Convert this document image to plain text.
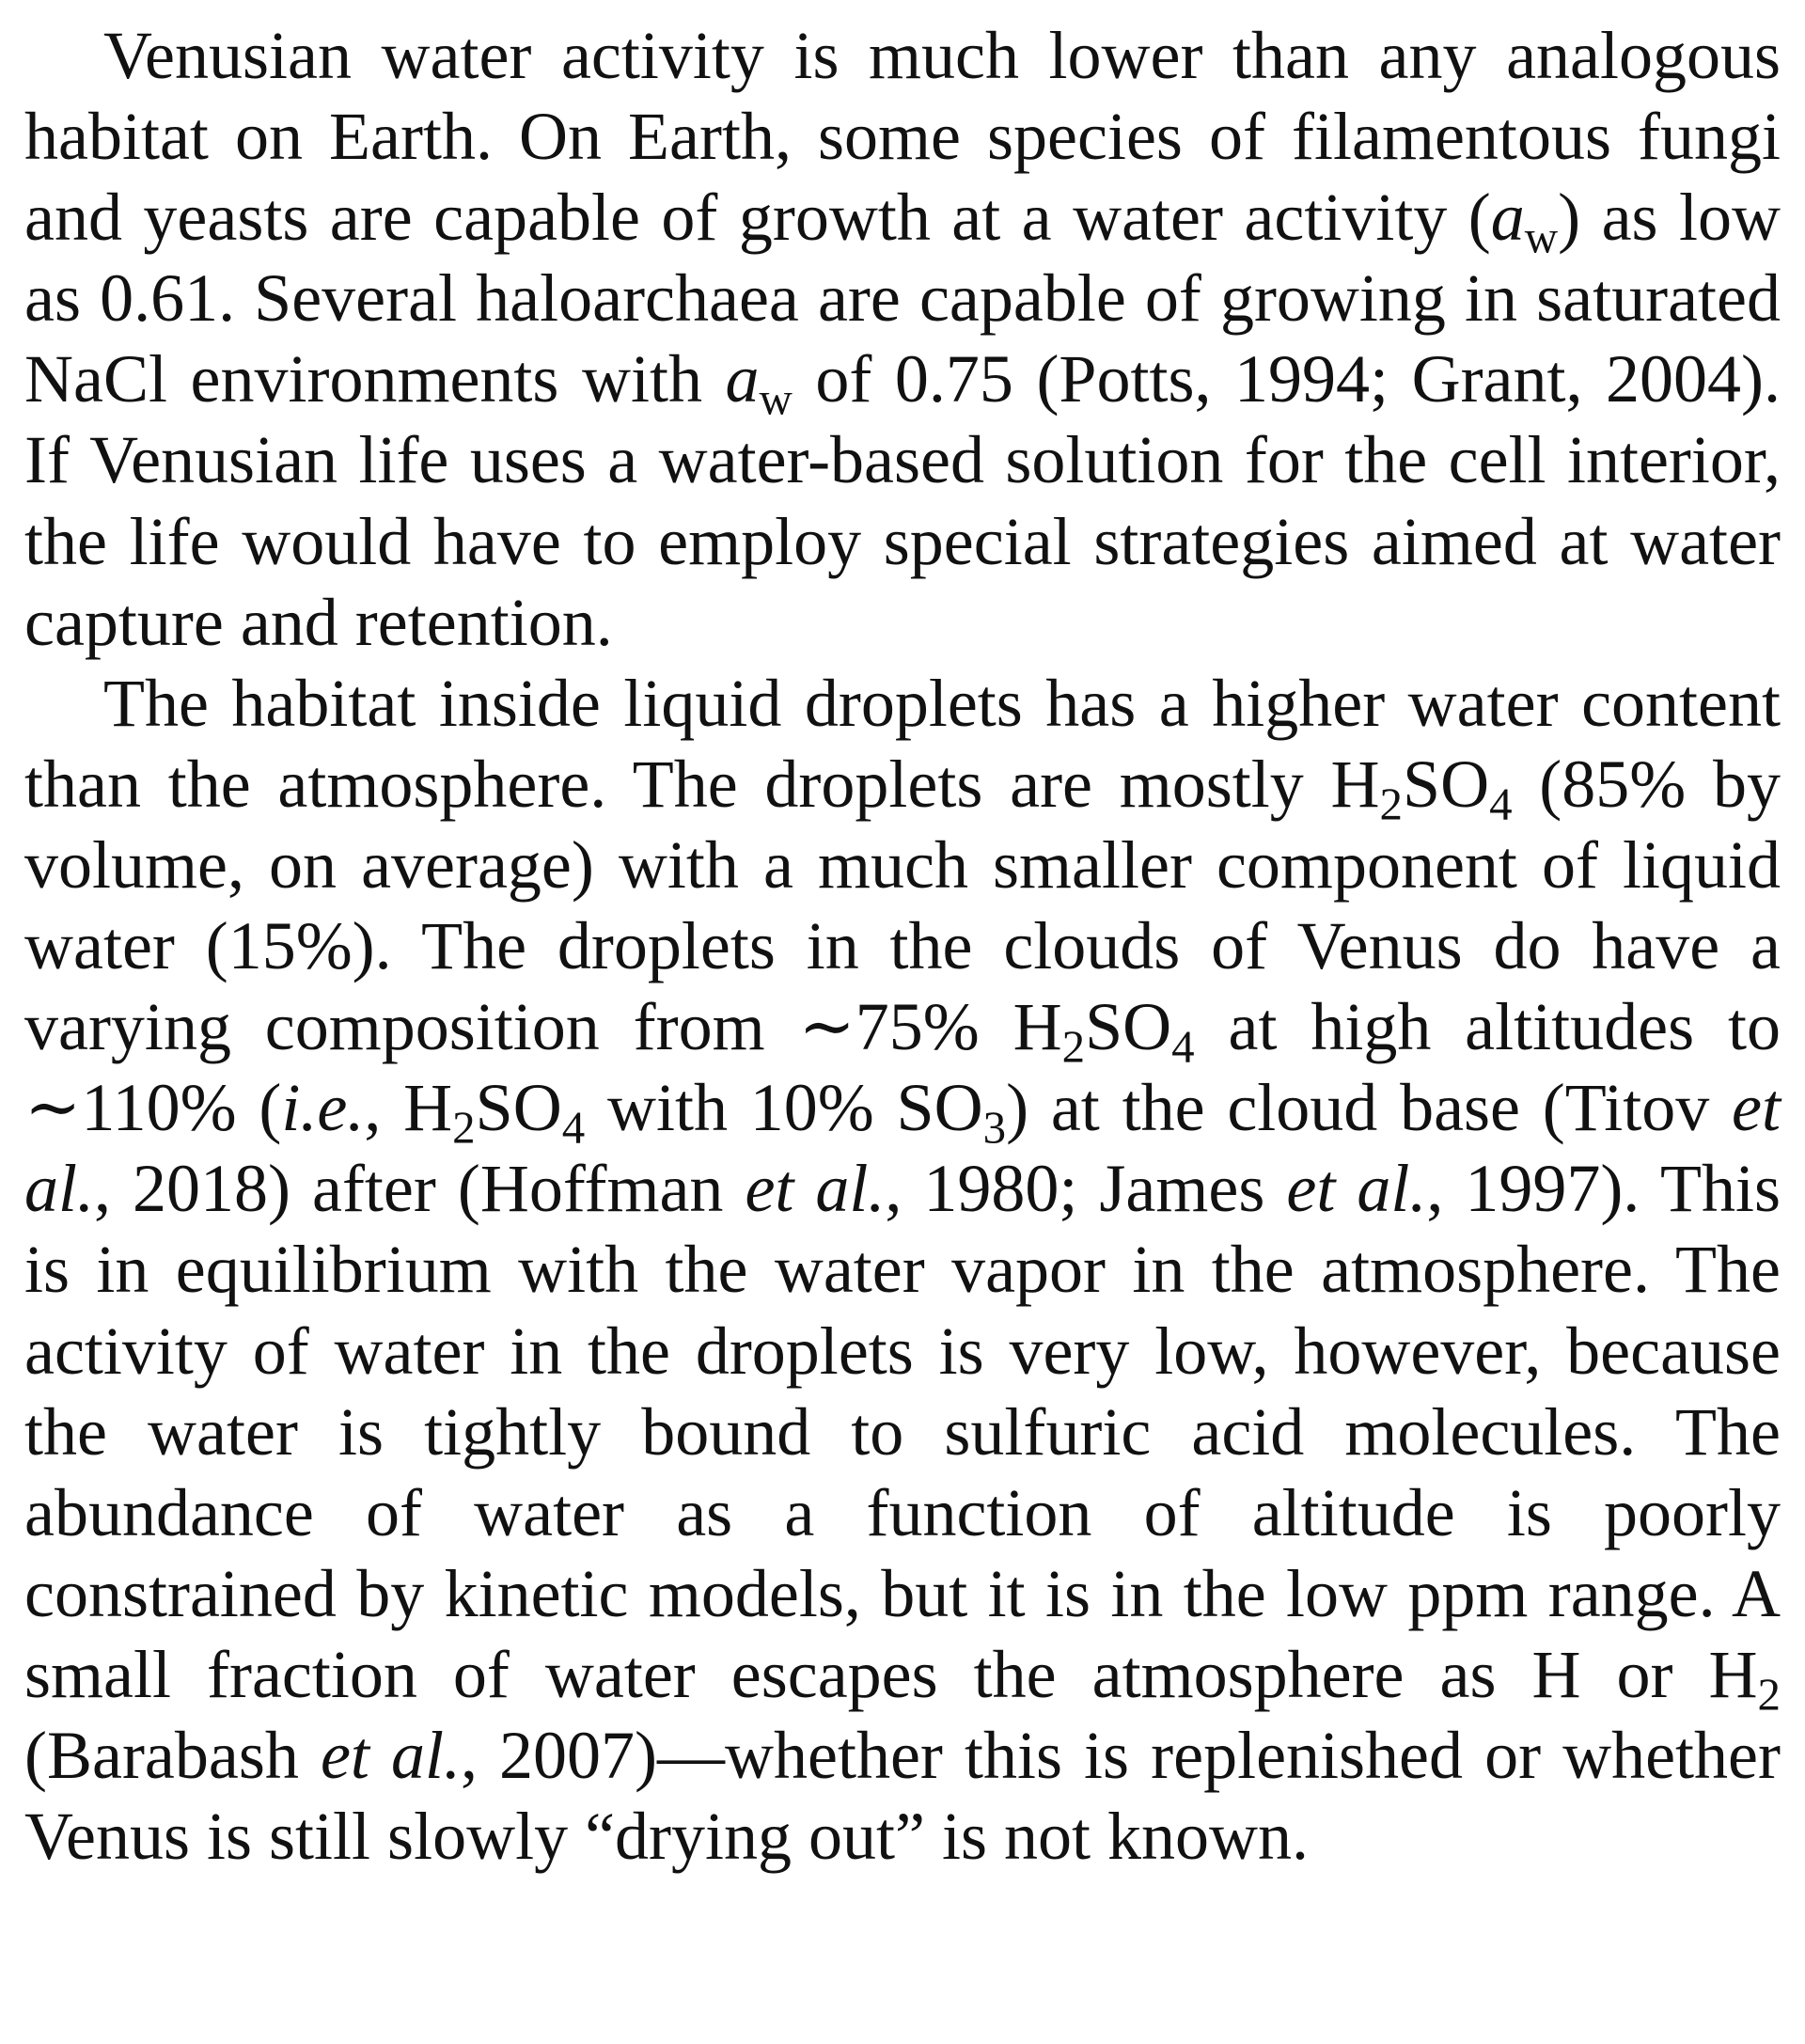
Venusian water activity is much lower than any analogous habitat on Earth. On Earth, some species of filamentous fungi and yeasts are capable of growth at a water activity $(a_w)$ as low as 0.61. Several haloarchaea are capable of growing in saturated NaCl environments with $a_w$ of 0.75 (Potts, 1994; Grant, 2004). If Venusian life uses a water-based solution for the cell interior, the life would have to employ special strategies aimed at water capture and retention.

The habitat inside liquid droplets has a higher water content than the atmosphere. The droplets are mostly $H_2SO_4$ (85% by volume, on average) with a much smaller component of liquid water (15%). The droplets in the clouds of Venus do have a varying composition from ∼75% $H_2SO_4$ at high altitudes to ∼110% (i.e., $H_2SO_4$ with 10% $SO_3$) at the cloud base (Titov et al., 2018) after (Hoffman et al., 1980; James et al., 1997). This is in equilibrium with the water vapor in the atmosphere. The activity of water in the droplets is very low, however, because the water is tightly bound to sulfuric acid molecules. The abundance of water as a function of altitude is poorly constrained by kinetic models, but it is in the low ppm range. A small fraction of water escapes the atmosphere as H or $H_2$ (Barabash et al., 2007)—whether this is replenished or whether Venus is still slowly “drying out” is not known.
